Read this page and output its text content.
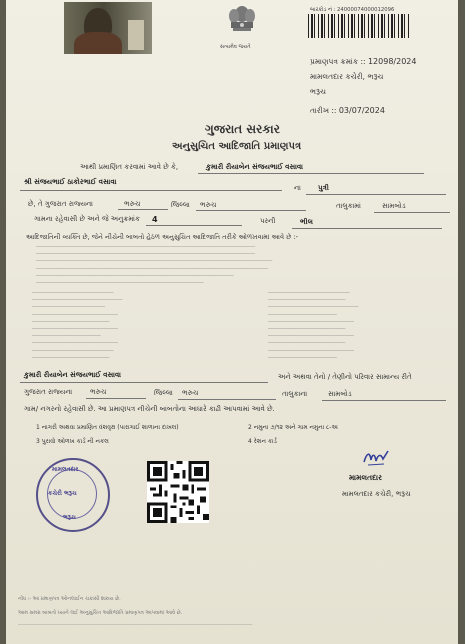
સત્યમેવ જયતે
બારકોડ નં : 24000074000012096
પ્રમાણપત્ર ક્રમાંક :: 12098/2024
મામલતદાર કચેરી, ભરૂચ
ભરૂચ
તારીખ :: 03/07/2024
ગુજરાત સરકાર
અનુસુચિત આદિજાતિ પ્રમાણપત્ર
આથી પ્રમાણિત કરવામાં આવે છે કે,	કુમારી રીયાબેન સંજયભાઈ વસાવા
શ્રી સંજયભાઈ ઠાકોરભાઈ વસાવા
ના પુત્રી
છે, તે ગુજરાત રાજ્યના	ભરુચ	જિલ્લા ભરુચ	તાલુકામાં	સામબોડ
ગામના રહેવાસી છે અને જે અનુક્રમાંક 4	પરની	ભીલ
આદિજાતિની વ્યક્તિ છે, જેને નીચેની બાબતો હેઠળ અનુસુચિત આદિજાતિ તરીકે ઓળખવામાં આવે છે :-
―――――――――――――――――――――――――――――――――――――――――――――――――――
―――――――――――――――――――――――――――――――――――――――――――――――――――
―――――――――――――――――――――――――――――――――――――――――――――――――――――――
――――――――――――――――――――――――――――――――――――――――――――――――――――――
――――――――――――――――――――――――――――――――――――――――――――――
―――――――――――――――――――――――――――――――――――――――
―――――――――――――――――――
―――――――――――――――――――――
―――――――――――――――――
――――――――――――――――――――
――――――――――――――――――
――――――――――――――――――――
――――――――――――――――
――――――――――――――――――――
―――――――――――――――――――
――――――――――――――――――
―――――――――――――――――――
――――――――――――――――――
―――――――――――――――――――――
――――――――――――――――
――――――――――――――――――――
――――――――――――――――――
――――――――――――――――――――
――――――――――――――――――
――――――――――――――――――――
――――――――――――――――
કુમારી રીયાબેન સંજયભાઈ વસાવા	અને અથવા તેનો / તેણીનો પરિવાર સામાન્ય રીતે
ગુજરાત રાજ્યના	ભરુચ	જિલ્લા ભરુચ	તાલુકાના	સામબોડ
ગામ/ નગરનો રહેવાસી છે. આ પ્રમાણપત્ર નીચેની બાબતોના આધારે કાઢી આપવામાં આવે છે.
1 નાગરી અથવા પ્રમાણિત વંશવૃક્ષ (પારાગાઈ શાળાના દાખલ)	2 નમુના ૭/૧૨ અને ગામ નમુના ૮-અ
3 પુરાવો ઓળખ કાર્ડ ની નકલ	4 રેશન કાર્ડ
મામલતદાર
કચેરી ભરૂચ
ભરૂચ
મામલતદાર
મામલતદાર કચેરી, ભરૂચ
નોંધ :- આ પ્રમાણપત્ર ઓનલાઈન ચકાસી શકાય છે.
આમ સમગ્ર બાબતો ધ્યાને લઈ અનુસુચિત આદિજાતિ પ્રમાણપત્ર આપવામાં આવે છે.
―――――――――――――――――――――――――――――――――――――――――――――――――――
